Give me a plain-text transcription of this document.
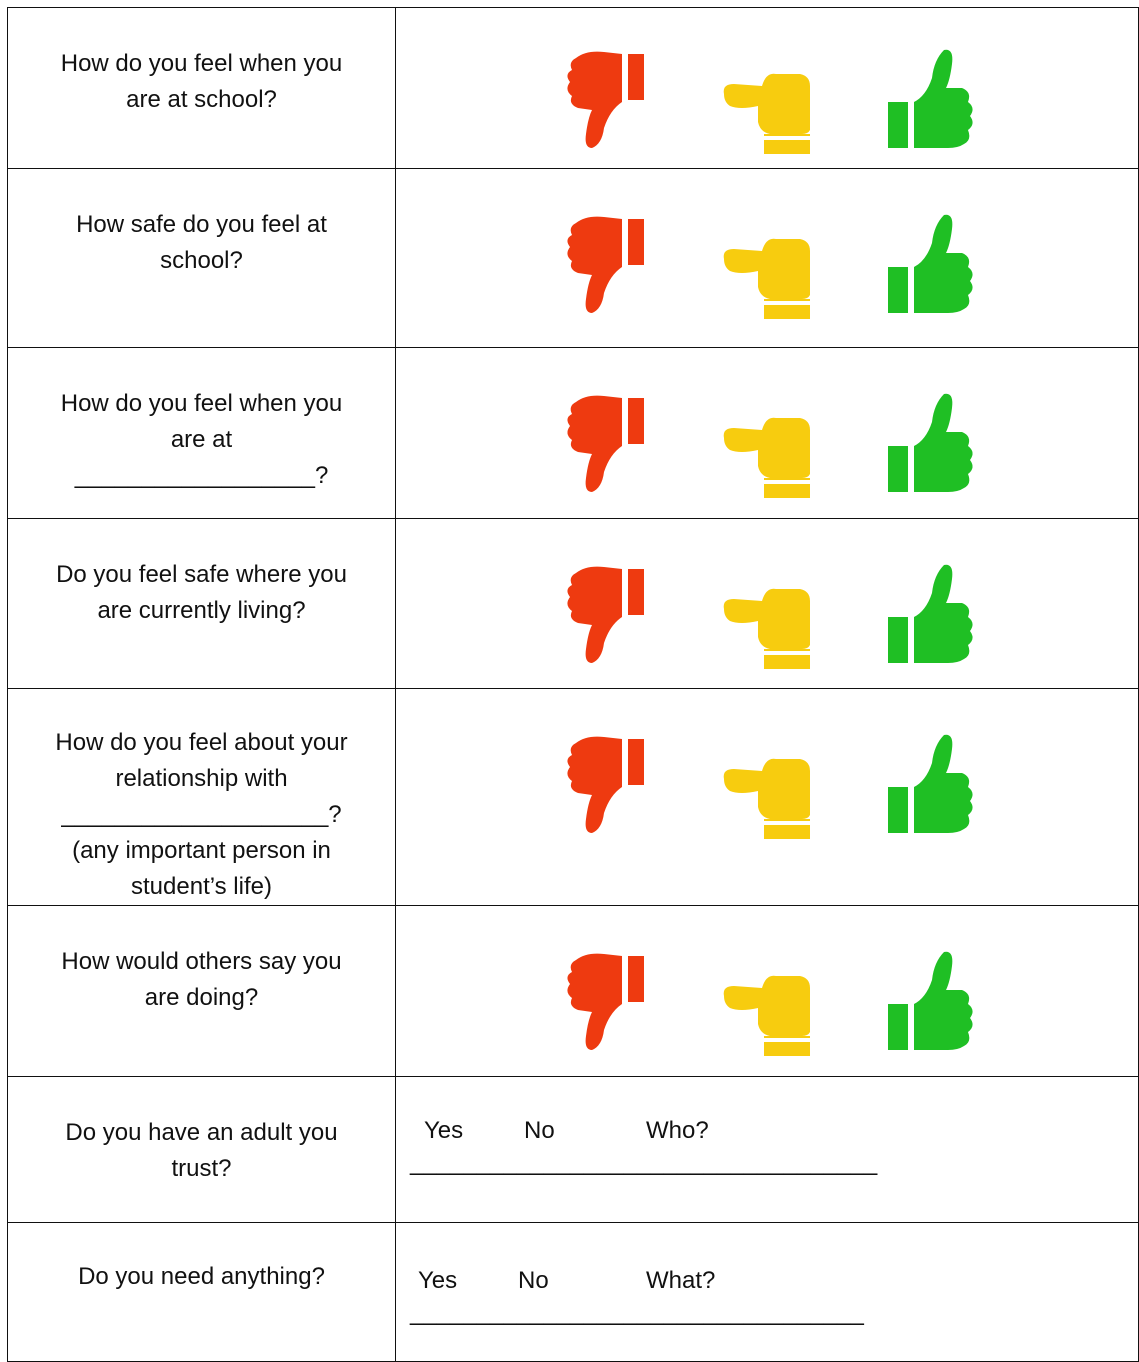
How do you feel when you
are at school?

How safe do you feel at
school?

How do you feel when you
are at
__________________?

Do you feel safe where you
are currently living?

How do you feel about your
relationship with
____________________?
(any important person in
student’s life)

How would others say you
are doing?

Do you have an adult you
trust?	Yes No Who?
___________________________________

Do you need anything?	Yes No What?
__________________________________
